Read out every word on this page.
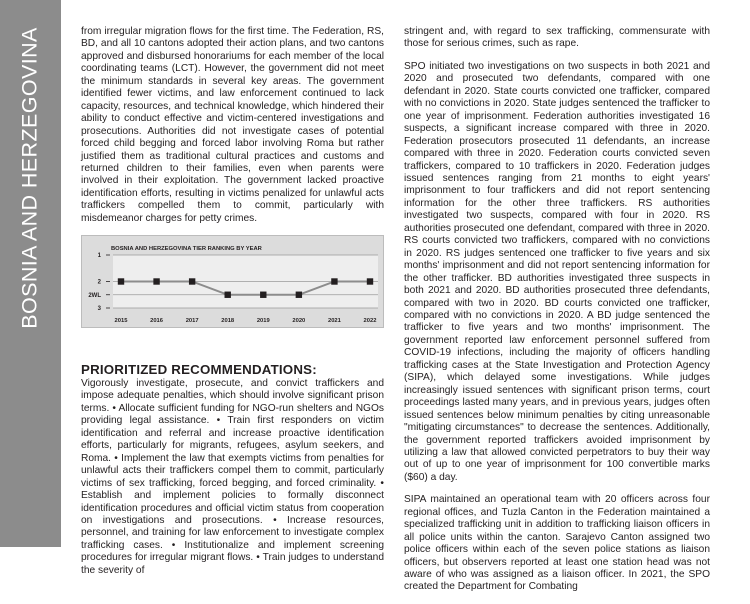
BOSNIA AND HERZEGOVINA	from irregular migration flows for the first time. The Federation, RS, BD, and all 10 cantons adopted their action plans, and two cantons approved and disbursed honorariums for each member of the local coordinating teams (LCT). However, the government did not meet the minimum standards in several key areas. The government identified fewer victims, and law enforcement continued to lack capacity, resources, and technical knowledge, which hindered their ability to conduct effective and victim-centered investigations and prosecutions. Authorities did not investigate cases of potential forced child begging and forced labor involving Roma but rather justified them as traditional cultural practices and customs and returned children to their families, even when parents were involved in their exploitation. The government lacked proactive identification efforts, resulting in victims penalized for unlawful acts traffickers compelled them to commit, particularly with misdemeanor charges for petty crimes.

BOSNIA AND HERZEGOVINA TIER RANKING BY YEAR
1
2
2WL
3
2015	2016	2017	2018	2019	2020	2021	2022
PRIORITIZED RECOMMENDATIONS:

Vigorously investigate, prosecute, and convict traffickers and impose adequate penalties, which should involve significant prison terms. • Allocate sufficient funding for NGO-run shelters and NGOs providing legal assistance. • Train first responders on victim identification and referral and increase proactive identification efforts, particularly for migrants, refugees, asylum seekers, and Roma. • Implement the law that exempts victims from penalties for unlawful acts their traffickers compel them to commit, particularly victims of sex trafficking, forced begging, and forced criminality. • Establish and implement policies to formally disconnect identification procedures and official victim status from cooperation on investigations and prosecutions. • Increase resources, personnel, and training for law enforcement to investigate complex trafficking cases. • Institutionalize and implement screening procedures for irregular migrant flows. • Train judges to understand the severity of

stringent and, with regard to sex trafficking, commensurate with those for serious crimes, such as rape.

SPO initiated two investigations on two suspects in both 2021 and 2020 and prosecuted two defendants, compared with one defendant in 2020. State courts convicted one trafficker, compared with no convictions in 2020. State judges sentenced the trafficker to one year of imprisonment. Federation authorities investigated 16 suspects, a significant increase compared with three in 2020. Federation prosecutors prosecuted 11 defendants, an increase compared with three in 2020. Federation courts convicted seven traffickers, compared to 10 traffickers in 2020. Federation judges issued sentences ranging from 21 months to eight years' imprisonment to four traffickers and did not report sentencing information for the other three traffickers. RS authorities investigated two suspects, compared with four in 2020. RS authorities prosecuted one defendant, compared with three in 2020. RS courts convicted two traffickers, compared with no convictions in 2020. RS judges sentenced one trafficker to five years and six months' imprisonment and did not report sentencing information for the other trafficker. BD authorities investigated three suspects in both 2021 and 2020. BD authorities prosecuted three defendants, compared with two in 2020. BD courts convicted one trafficker, compared with no convictions in 2020. A BD judge sentenced the trafficker to five years and two months' imprisonment. The government reported law enforcement personnel suffered from COVID-19 infections, including the majority of officers handling trafficking cases at the State Investigation and Protection Agency (SIPA), which delayed some investigations. While judges increasingly issued sentences with significant prison terms, court proceedings lasted many years, and in previous years, judges often issued sentences below minimum penalties by citing unreasonable "mitigating circumstances" to decrease the sentences. Additionally, the government reported traffickers avoided imprisonment by utilizing a law that allowed convicted perpetrators to buy their way out of up to one year of imprisonment for 100 convertible marks ($60) a day.

SIPA maintained an operational team with 20 officers across four regional offices, and Tuzla Canton in the Federation maintained a specialized trafficking unit in addition to trafficking liaison officers in all police units within the canton. Sarajevo Canton assigned two police officers within each of the seven police stations as liaison officers, but observers reported at least one station head was not aware of who was assigned as a liaison officer. In 2021, the SPO created the Department for Combating
